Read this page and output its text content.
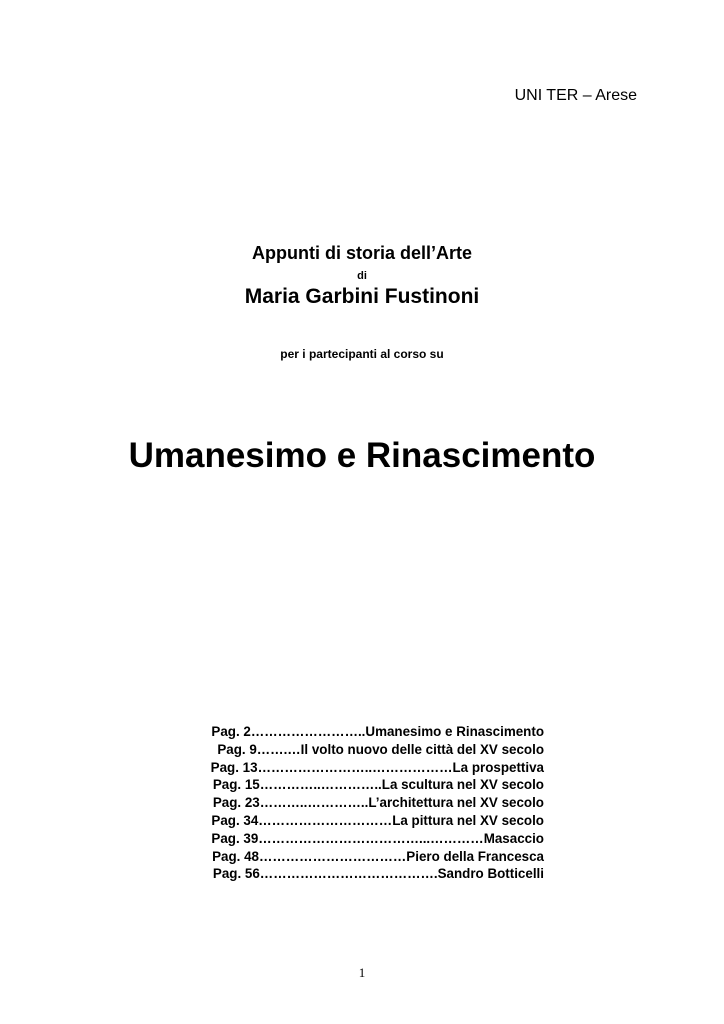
UNI TER – Arese
Appunti di storia dell’Arte
di
Maria Garbini Fustinoni
per i partecipanti al corso su
Umanesimo e Rinascimento
Pag. 2……………………..Umanesimo e Rinascimento
Pag. 9…….…Il volto nuovo delle città del XV secolo
Pag. 13……………………..………………La prospettiva
Pag. 15…………..…………..La scultura nel XV secolo
Pag. 23………..…………..L’architettura nel XV secolo
Pag. 34…………………………La pittura nel XV secolo
Pag. 39………………………………...…………Masaccio
Pag. 48……………………………Piero della Francesca
Pag. 56………………………………….Sandro Botticelli
1
